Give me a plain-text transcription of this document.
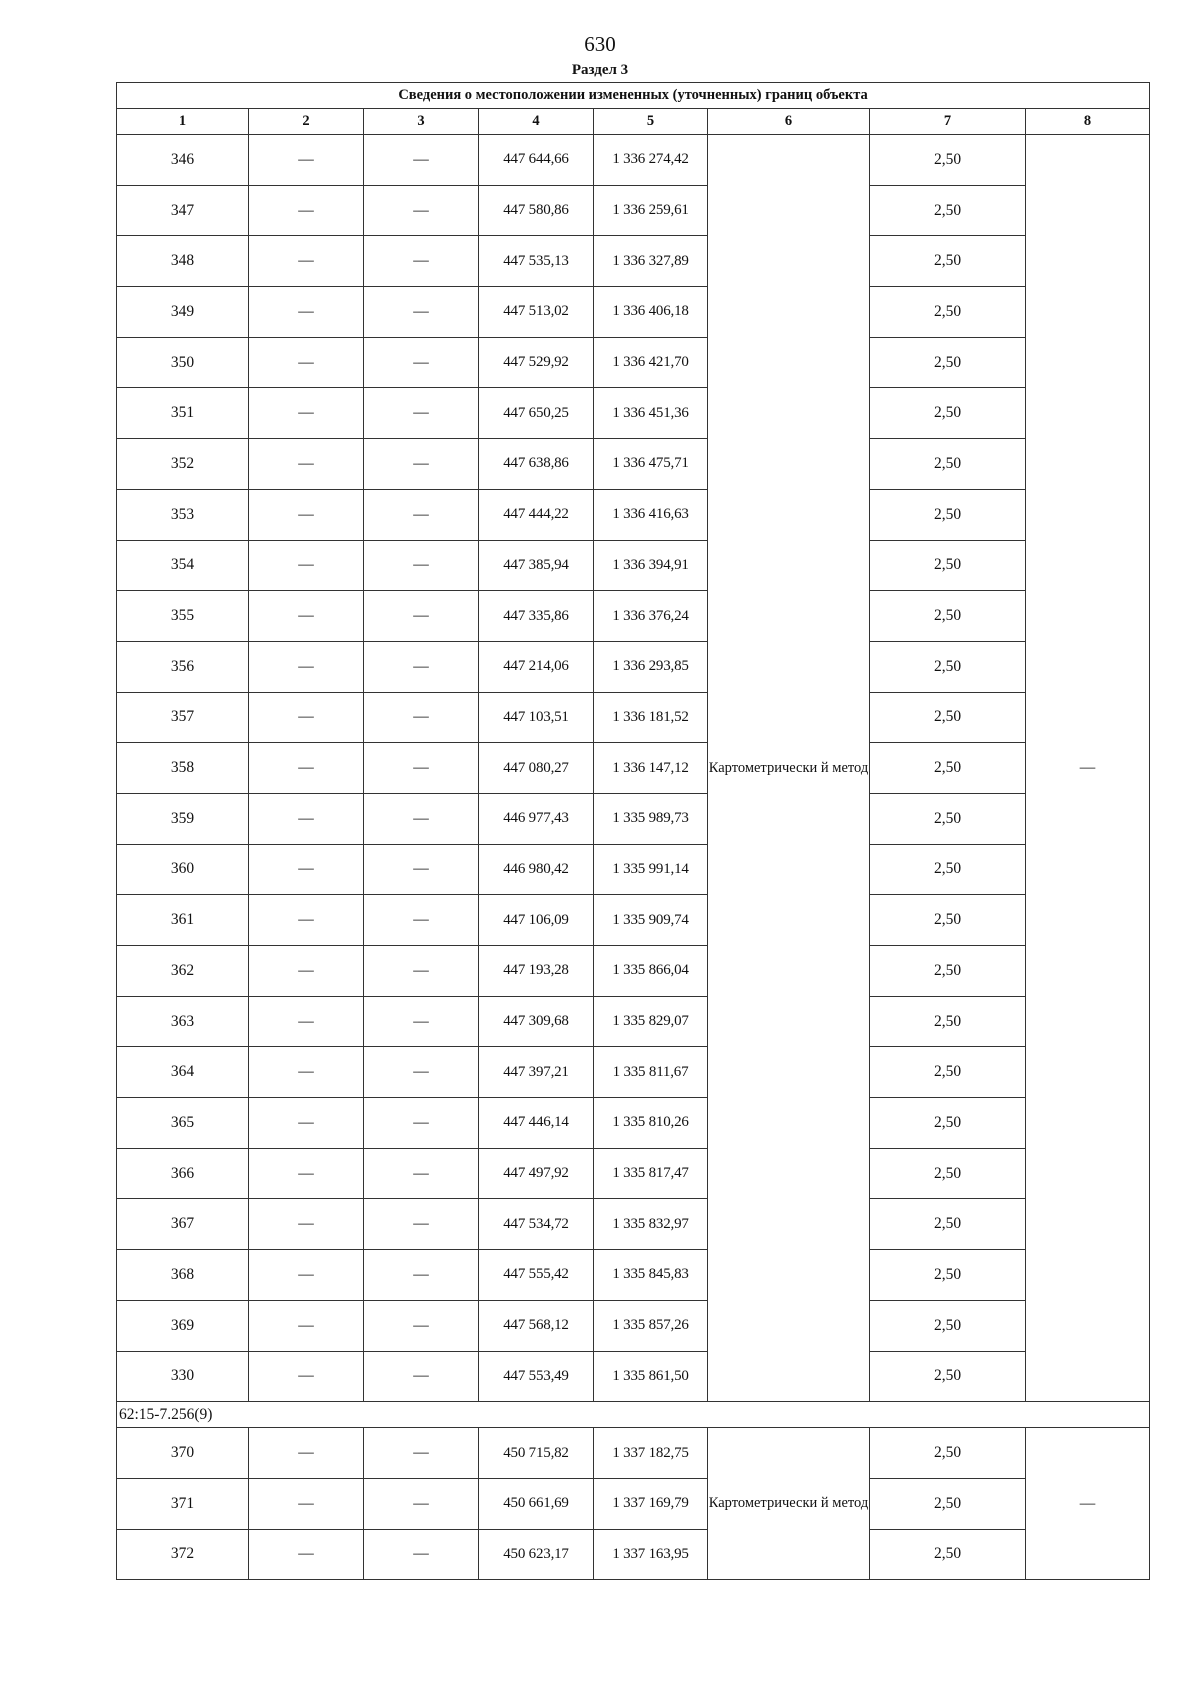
630
Раздел 3
Сведения о местоположении измененных (уточненных) границ объекта							
1	2	3	4	5	6	7	8
346	—	—	447 644,66	1 336 274,42	Картометрически й метод	2,50	—
347	—	—	447 580,86	1 336 259,61		2,50	
348	—	—	447 535,13	1 336 327,89		2,50	
349	—	—	447 513,02	1 336 406,18		2,50	
350	—	—	447 529,92	1 336 421,70		2,50	
351	—	—	447 650,25	1 336 451,36		2,50	
352	—	—	447 638,86	1 336 475,71		2,50	
353	—	—	447 444,22	1 336 416,63		2,50	
354	—	—	447 385,94	1 336 394,91		2,50	
355	—	—	447 335,86	1 336 376,24		2,50	
356	—	—	447 214,06	1 336 293,85		2,50	
357	—	—	447 103,51	1 336 181,52		2,50	
358	—	—	447 080,27	1 336 147,12		2,50	
359	—	—	446 977,43	1 335 989,73		2,50	
360	—	—	446 980,42	1 335 991,14		2,50	
361	—	—	447 106,09	1 335 909,74		2,50	
362	—	—	447 193,28	1 335 866,04		2,50	
363	—	—	447 309,68	1 335 829,07		2,50	
364	—	—	447 397,21	1 335 811,67		2,50	
365	—	—	447 446,14	1 335 810,26		2,50	
366	—	—	447 497,92	1 335 817,47		2,50	
367	—	—	447 534,72	1 335 832,97		2,50	
368	—	—	447 555,42	1 335 845,83		2,50	
369	—	—	447 568,12	1 335 857,26		2,50	
330	—	—	447 553,49	1 335 861,50		2,50	
62:15-7.256(9)							
370	—	—	450 715,82	1 337 182,75	Картометрически й метод	2,50	—
371	—	—	450 661,69	1 337 169,79		2,50	
372	—	—	450 623,17	1 337 163,95		2,50	
